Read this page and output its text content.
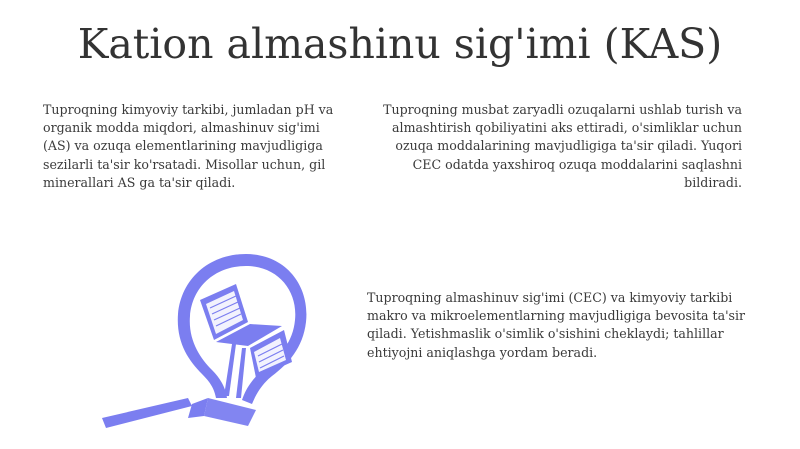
Kation almashinu sig'imi (KAS)
Tuproqning kimyoviy tarkibi, jumladan pH va organik modda miqdori, almashinuv sig'imi (AS) va ozuqa elementlarining mavjudligiga sezilarli ta'sir ko'rsatadi. Misollar uchun, gil minerallari AS ga ta'sir qiladi.
Tuproqning musbat zaryadli ozuqalarni ushlab turish va almashtirish qobiliyatini aks ettiradi, o'simliklar uchun ozuqa moddalarining mavjudligiga ta'sir qiladi. Yuqori CEC odatda yaxshiroq ozuqa moddalarini saqlashni bildiradi.
Tuproqning almashinuv sig'imi (CEC) va kimyoviy tarkibi makro va mikroelementlarning mavjudligiga bevosita ta'sir qiladi. Yetishmaslik o'simlik o'sishini cheklaydi; tahlillar ehtiyojni aniqlashga yordam beradi.
